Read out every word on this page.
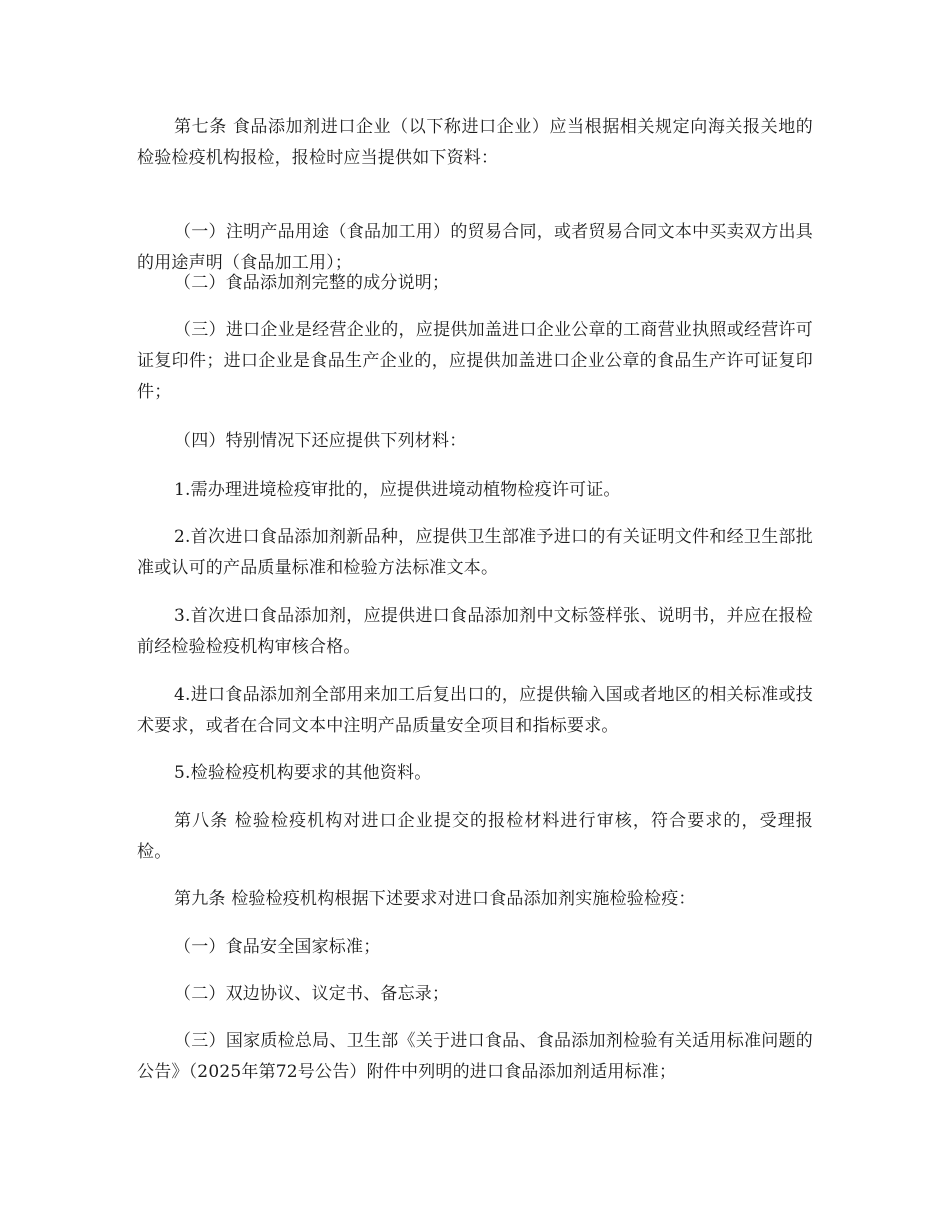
第七条 食品添加剂进口企业（以下称进口企业）应当根据相关规定向海关报关地的检验检疫机构报检，报检时应当提供如下资料：

（一）注明产品用途（食品加工用）的贸易合同，或者贸易合同文本中买卖双方出具的用途声明（食品加工用）；

（二）食品添加剂完整的成分说明；

（三）进口企业是经营企业的，应提供加盖进口企业公章的工商营业执照或经营许可证复印件；进口企业是食品生产企业的，应提供加盖进口企业公章的食品生产许可证复印件；

（四）特别情况下还应提供下列材料：

1.需办理进境检疫审批的，应提供进境动植物检疫许可证。

2.首次进口食品添加剂新品种，应提供卫生部准予进口的有关证明文件和经卫生部批准或认可的产品质量标准和检验方法标准文本。

3.首次进口食品添加剂，应提供进口食品添加剂中文标签样张、说明书，并应在报检前经检验检疫机构审核合格。

4.进口食品添加剂全部用来加工后复出口的，应提供输入国或者地区的相关标准或技术要求，或者在合同文本中注明产品质量安全项目和指标要求。

5.检验检疫机构要求的其他资料。

第八条 检验检疫机构对进口企业提交的报检材料进行审核，符合要求的，受理报检。

第九条 检验检疫机构根据下述要求对进口食品添加剂实施检验检疫：

（一）食品安全国家标准；

（二）双边协议、议定书、备忘录；

（三）国家质检总局、卫生部《关于进口食品、食品添加剂检验有关适用标准问题的公告》（2025年第72号公告）附件中列明的进口食品添加剂适用标准；
